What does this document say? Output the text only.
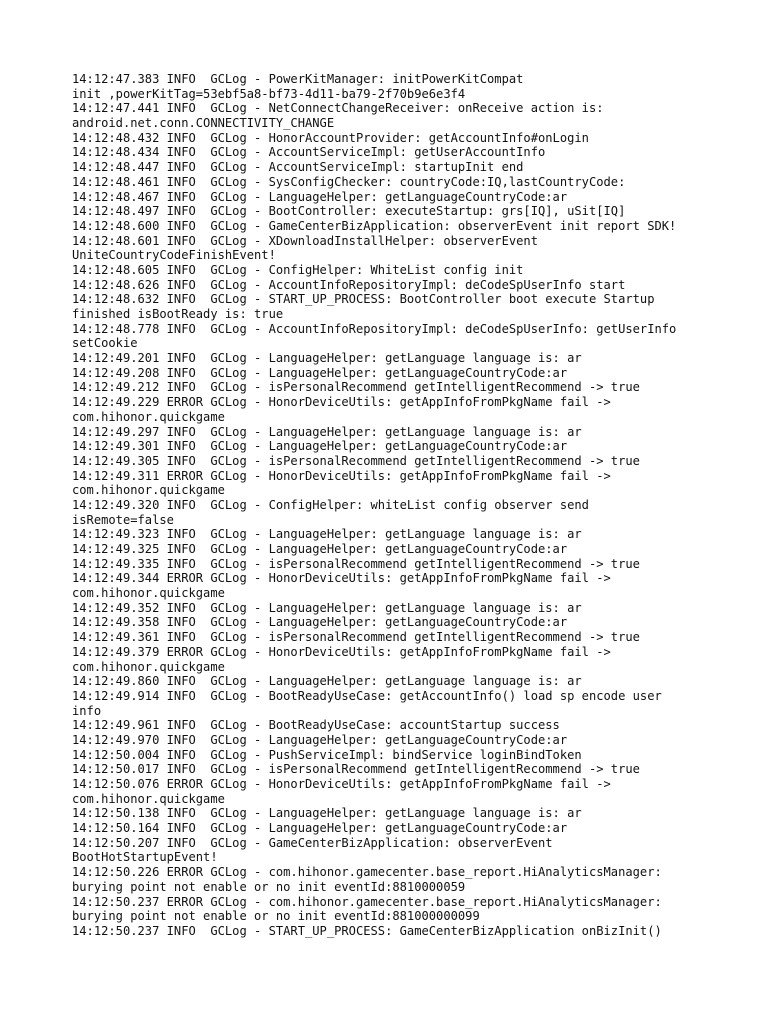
14:12:47.383 INFO  GCLog - PowerKitManager: initPowerKitCompat
init ,powerKitTag=53ebf5a8-bf73-4d11-ba79-2f70b9e6e3f4
14:12:47.441 INFO  GCLog - NetConnectChangeReceiver: onReceive action is:
android.net.conn.CONNECTIVITY_CHANGE
14:12:48.432 INFO  GCLog - HonorAccountProvider: getAccountInfo#onLogin
14:12:48.434 INFO  GCLog - AccountServiceImpl: getUserAccountInfo
14:12:48.447 INFO  GCLog - AccountServiceImpl: startupInit end
14:12:48.461 INFO  GCLog - SysConfigChecker: countryCode:IQ,lastCountryCode:
14:12:48.467 INFO  GCLog - LanguageHelper: getLanguageCountryCode:ar
14:12:48.497 INFO  GCLog - BootController: executeStartup: grs[IQ], uSit[IQ]
14:12:48.600 INFO  GCLog - GameCenterBizApplication: observerEvent init report SDK!
14:12:48.601 INFO  GCLog - XDownloadInstallHelper: observerEvent
UniteCountryCodeFinishEvent!
14:12:48.605 INFO  GCLog - ConfigHelper: WhiteList config init
14:12:48.626 INFO  GCLog - AccountInfoRepositoryImpl: deCodeSpUserInfo start
14:12:48.632 INFO  GCLog - START_UP_PROCESS: BootController boot execute Startup
finished isBootReady is: true
14:12:48.778 INFO  GCLog - AccountInfoRepositoryImpl: deCodeSpUserInfo: getUserInfo
setCookie
14:12:49.201 INFO  GCLog - LanguageHelper: getLanguage language is: ar
14:12:49.208 INFO  GCLog - LanguageHelper: getLanguageCountryCode:ar
14:12:49.212 INFO  GCLog - isPersonalRecommend getIntelligentRecommend -> true
14:12:49.229 ERROR GCLog - HonorDeviceUtils: getAppInfoFromPkgName fail ->
com.hihonor.quickgame
14:12:49.297 INFO  GCLog - LanguageHelper: getLanguage language is: ar
14:12:49.301 INFO  GCLog - LanguageHelper: getLanguageCountryCode:ar
14:12:49.305 INFO  GCLog - isPersonalRecommend getIntelligentRecommend -> true
14:12:49.311 ERROR GCLog - HonorDeviceUtils: getAppInfoFromPkgName fail ->
com.hihonor.quickgame
14:12:49.320 INFO  GCLog - ConfigHelper: whiteList config observer send
isRemote=false
14:12:49.323 INFO  GCLog - LanguageHelper: getLanguage language is: ar
14:12:49.325 INFO  GCLog - LanguageHelper: getLanguageCountryCode:ar
14:12:49.335 INFO  GCLog - isPersonalRecommend getIntelligentRecommend -> true
14:12:49.344 ERROR GCLog - HonorDeviceUtils: getAppInfoFromPkgName fail ->
com.hihonor.quickgame
14:12:49.352 INFO  GCLog - LanguageHelper: getLanguage language is: ar
14:12:49.358 INFO  GCLog - LanguageHelper: getLanguageCountryCode:ar
14:12:49.361 INFO  GCLog - isPersonalRecommend getIntelligentRecommend -> true
14:12:49.379 ERROR GCLog - HonorDeviceUtils: getAppInfoFromPkgName fail ->
com.hihonor.quickgame
14:12:49.860 INFO  GCLog - LanguageHelper: getLanguage language is: ar
14:12:49.914 INFO  GCLog - BootReadyUseCase: getAccountInfo() load sp encode user
info
14:12:49.961 INFO  GCLog - BootReadyUseCase: accountStartup success
14:12:49.970 INFO  GCLog - LanguageHelper: getLanguageCountryCode:ar
14:12:50.004 INFO  GCLog - PushServiceImpl: bindService loginBindToken
14:12:50.017 INFO  GCLog - isPersonalRecommend getIntelligentRecommend -> true
14:12:50.076 ERROR GCLog - HonorDeviceUtils: getAppInfoFromPkgName fail ->
com.hihonor.quickgame
14:12:50.138 INFO  GCLog - LanguageHelper: getLanguage language is: ar
14:12:50.164 INFO  GCLog - LanguageHelper: getLanguageCountryCode:ar
14:12:50.207 INFO  GCLog - GameCenterBizApplication: observerEvent
BootHotStartupEvent!
14:12:50.226 ERROR GCLog - com.hihonor.gamecenter.base_report.HiAnalyticsManager:
burying point not enable or no init eventId:8810000059
14:12:50.237 ERROR GCLog - com.hihonor.gamecenter.base_report.HiAnalyticsManager:
burying point not enable or no init eventId:881000000099
14:12:50.237 INFO  GCLog - START_UP_PROCESS: GameCenterBizApplication onBizInit()
